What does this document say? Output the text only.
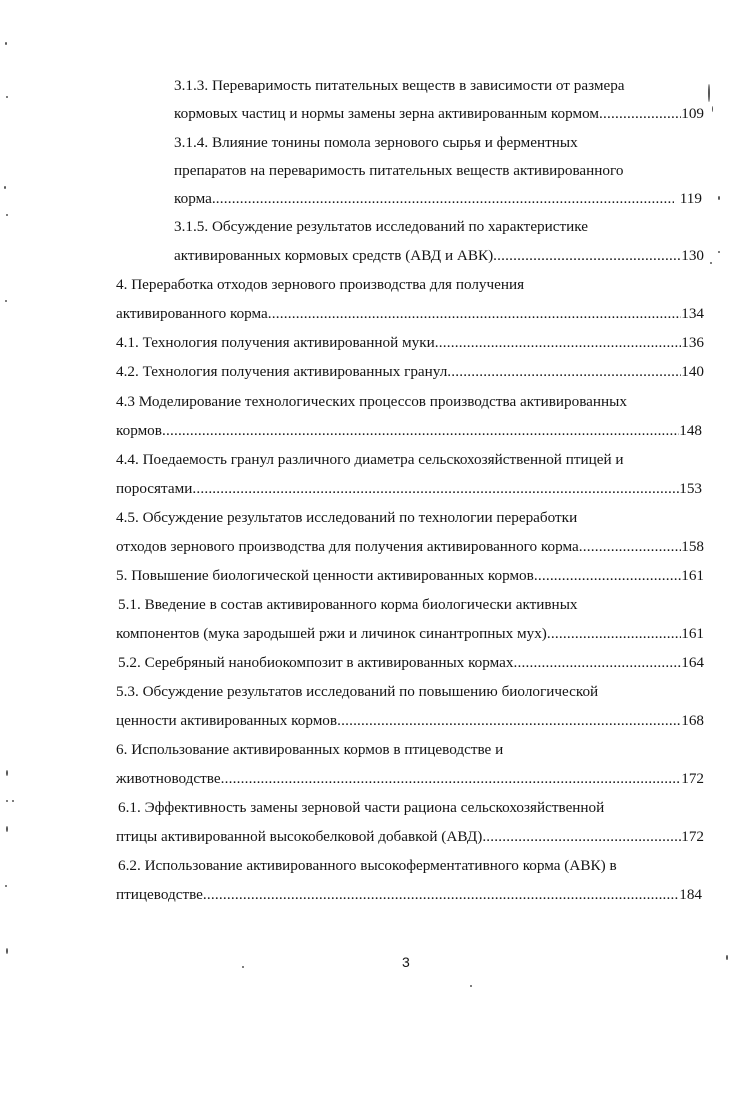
3.1.3. Переваримость питательных веществ в зависимости от размера
кормовых частиц и нормы замены зерна активированным кормом .....	109
3.1.4. Влияние тонины помола зернового сырья и ферментных
препаратов на переваримость питательных веществ активированного
корма .....	119
3.1.5. Обсуждение результатов исследований по характеристике
активированных кормовых средств (АВД и АВК) .....	130
4. Переработка отходов зернового производства для получения
активированного корма .....	134
4.1. Технология получения активированной муки .....	136
4.2. Технология получения активированных гранул .....	140
4.3 Моделирование технологических процессов производства активированных
кормов .....	148
4.4. Поедаемость гранул различного диаметра сельскохозяйственной птицей и
поросятами .....	153
4.5. Обсуждение результатов исследований по технологии переработки
отходов зернового производства для получения активированного корма .....	158
5. Повышение биологической ценности активированных кормов .....	161
5.1. Введение в состав активированного корма биологически активных
компонентов (мука зародышей ржи и личинок синантропных мух) .....	161
5.2. Серебряный нанобиокомпозит в активированных кормах .....	164
5.3. Обсуждение результатов исследований по повышению биологической
ценности активированных кормов .....	168
6. Использование активированных кормов в птицеводстве и
животноводстве .....	172
6.1. Эффективность замены зерновой части рациона сельскохозяйственной
птицы активированной высокобелковой добавкой (АВД) .....	172
6.2. Использование активированного высокоферментативного корма (АВК) в
птицеводстве .....	184
3
